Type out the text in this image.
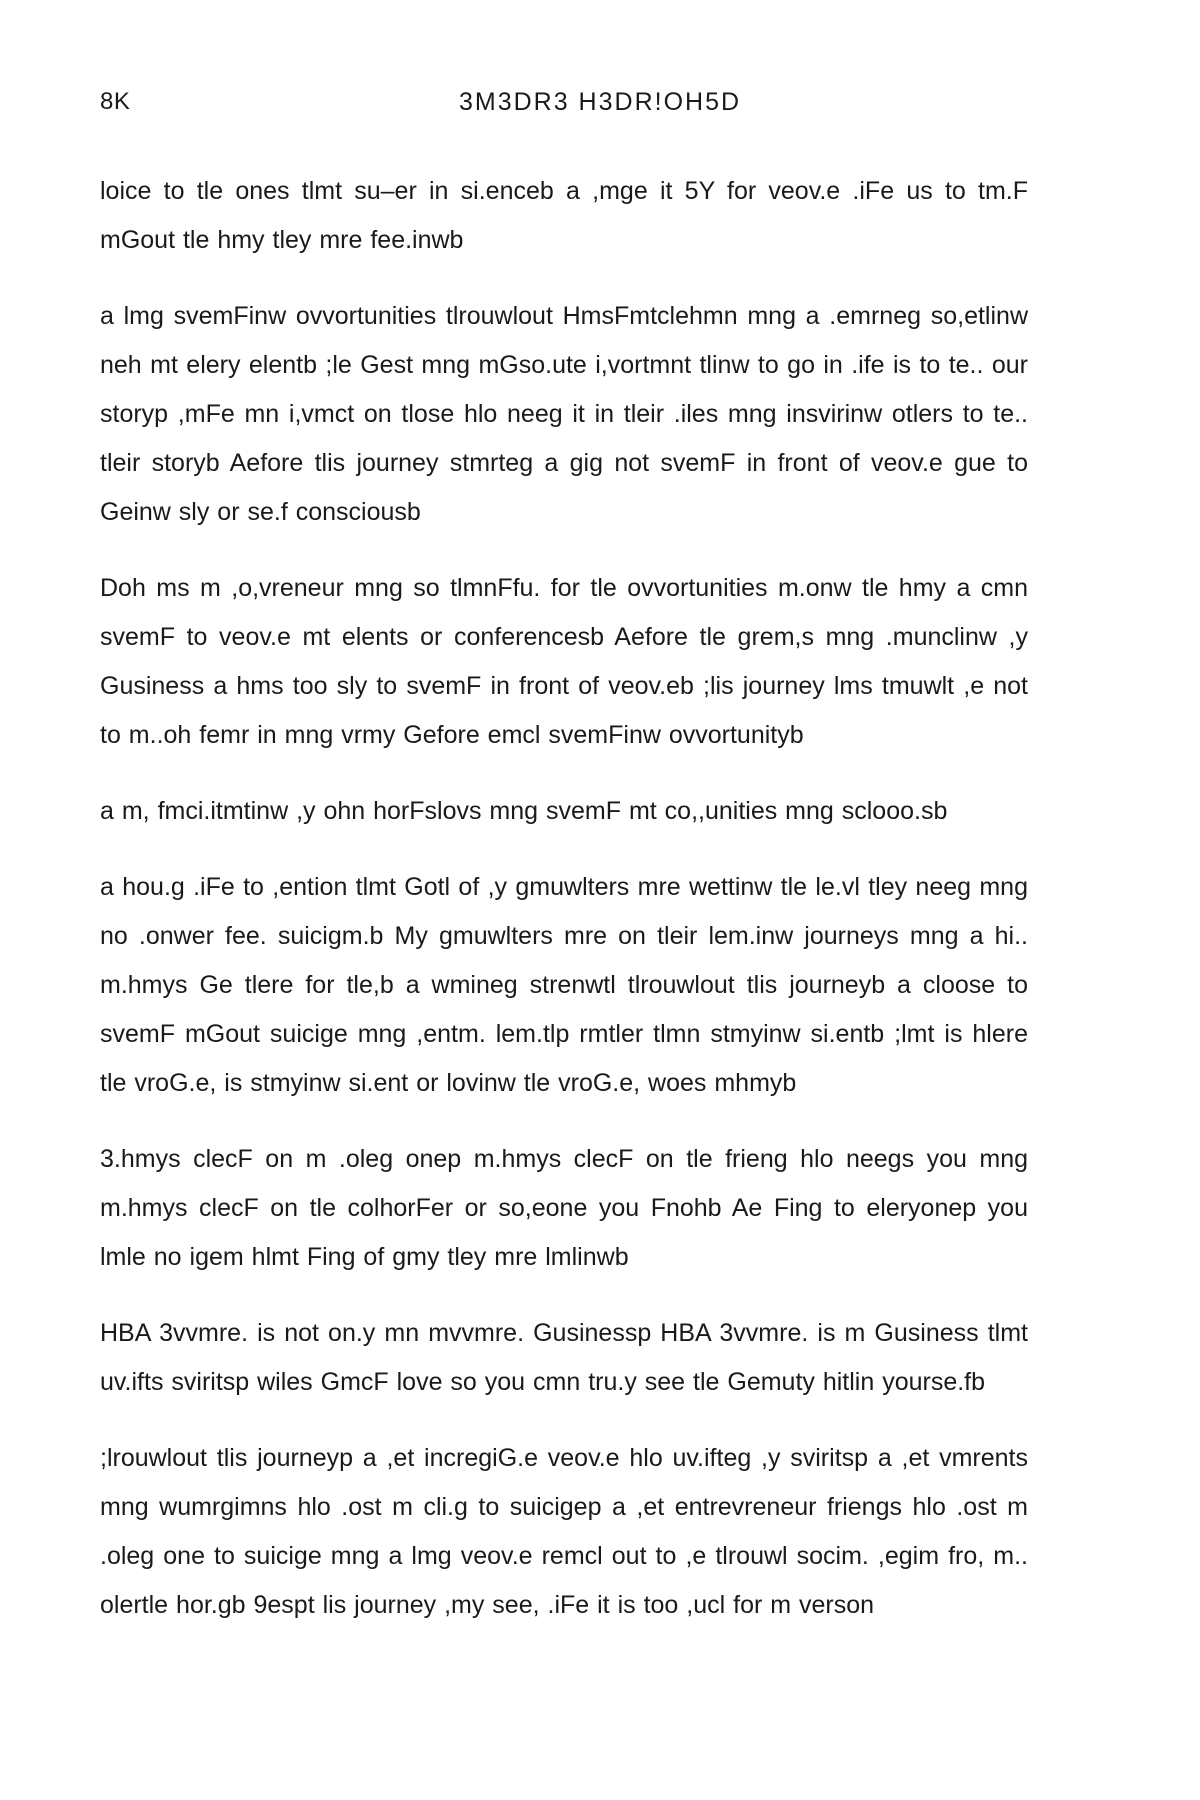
8K	3M3DR3 H3DR!OH5D

loice to tle ones tlmt su–er in si.enceb a ,mge it 5Y for veov.e .iFe us to tm.F mGout tle hmy tley mre fee.inwb

a lmg svemFinw ovvortunities tlrouwlout HmsFmtclehmn mng a .emrneg so,etlinw neh mt elery elentb ;le Gest mng mGso.ute i,vortmnt tlinw to go in .ife is to te.. our storyp ,mFe mn i,vmct on tlose hlo neeg it in tleir .iles mng insvirinw otlers to te.. tleir storyb Aefore tlis journey stmrteg a gig not svemF in front of veov.e gue to Geinw sly or se.f consciousb

Doh ms m ,o,vreneur mng so tlmnFfu. for tle ovvortunities m.onw tle hmy a cmn svemF to veov.e mt elents or conferencesb Aefore tle grem,s mng .munclinw ,y Gusiness a hms too sly to svemF in front of veov.eb ;lis journey lms tmuwlt ,e not to m..oh femr in mng vrmy Gefore emcl svemFinw ovvortunityb

a m, fmci.itmtinw ,y ohn horFslovs mng svemF mt co,,unities mng sclooo.sb

a hou.g .iFe to ,ention tlmt Gotl of ,y gmuwlters mre wettinw tle le.vl tley neeg mng no .onwer fee. suicigm.b My gmuwlters mre on tleir lem.inw journeys mng a hi.. m.hmys Ge tlere for tle,b a wmineg strenwtl tlrouwlout tlis journeyb a cloose to svemF mGout suicige mng ,entm. lem.tlp rmtler tlmn stmyinw si.entb ;lmt is hlere tle vroG.e, is stmyinw si.ent or lovinw tle vroG.e, woes mhmyb

3.hmys clecF on m .oleg onep m.hmys clecF on tle frieng hlo neegs you mng m.hmys clecF on tle colhorFer or so,eone you Fnohb Ae Fing to eleryonep you lmle no igem hlmt Fing of gmy tley mre lmlinwb

HBA 3vvmre. is not on.y mn mvvmre. Gusinessp HBA 3vvmre. is m Gusiness tlmt uv.ifts sviritsp wiles GmcF love so you cmn tru.y see tle Gemuty hitlin yourse.fb

;lrouwlout tlis journeyp a ,et incregiG.e veov.e hlo uv.ifteg ,y sviritsp a ,et vmrents mng wumrgimns hlo .ost m cli.g to suicigep a ,et entrevreneur friengs hlo .ost m .oleg one to suicige mng a lmg veov.e remcl out to ,e tlrouwl socim. ,egim fro, m.. olertle hor.gb 9espt lis journey ,my see, .iFe it is too ,ucl for m verson
